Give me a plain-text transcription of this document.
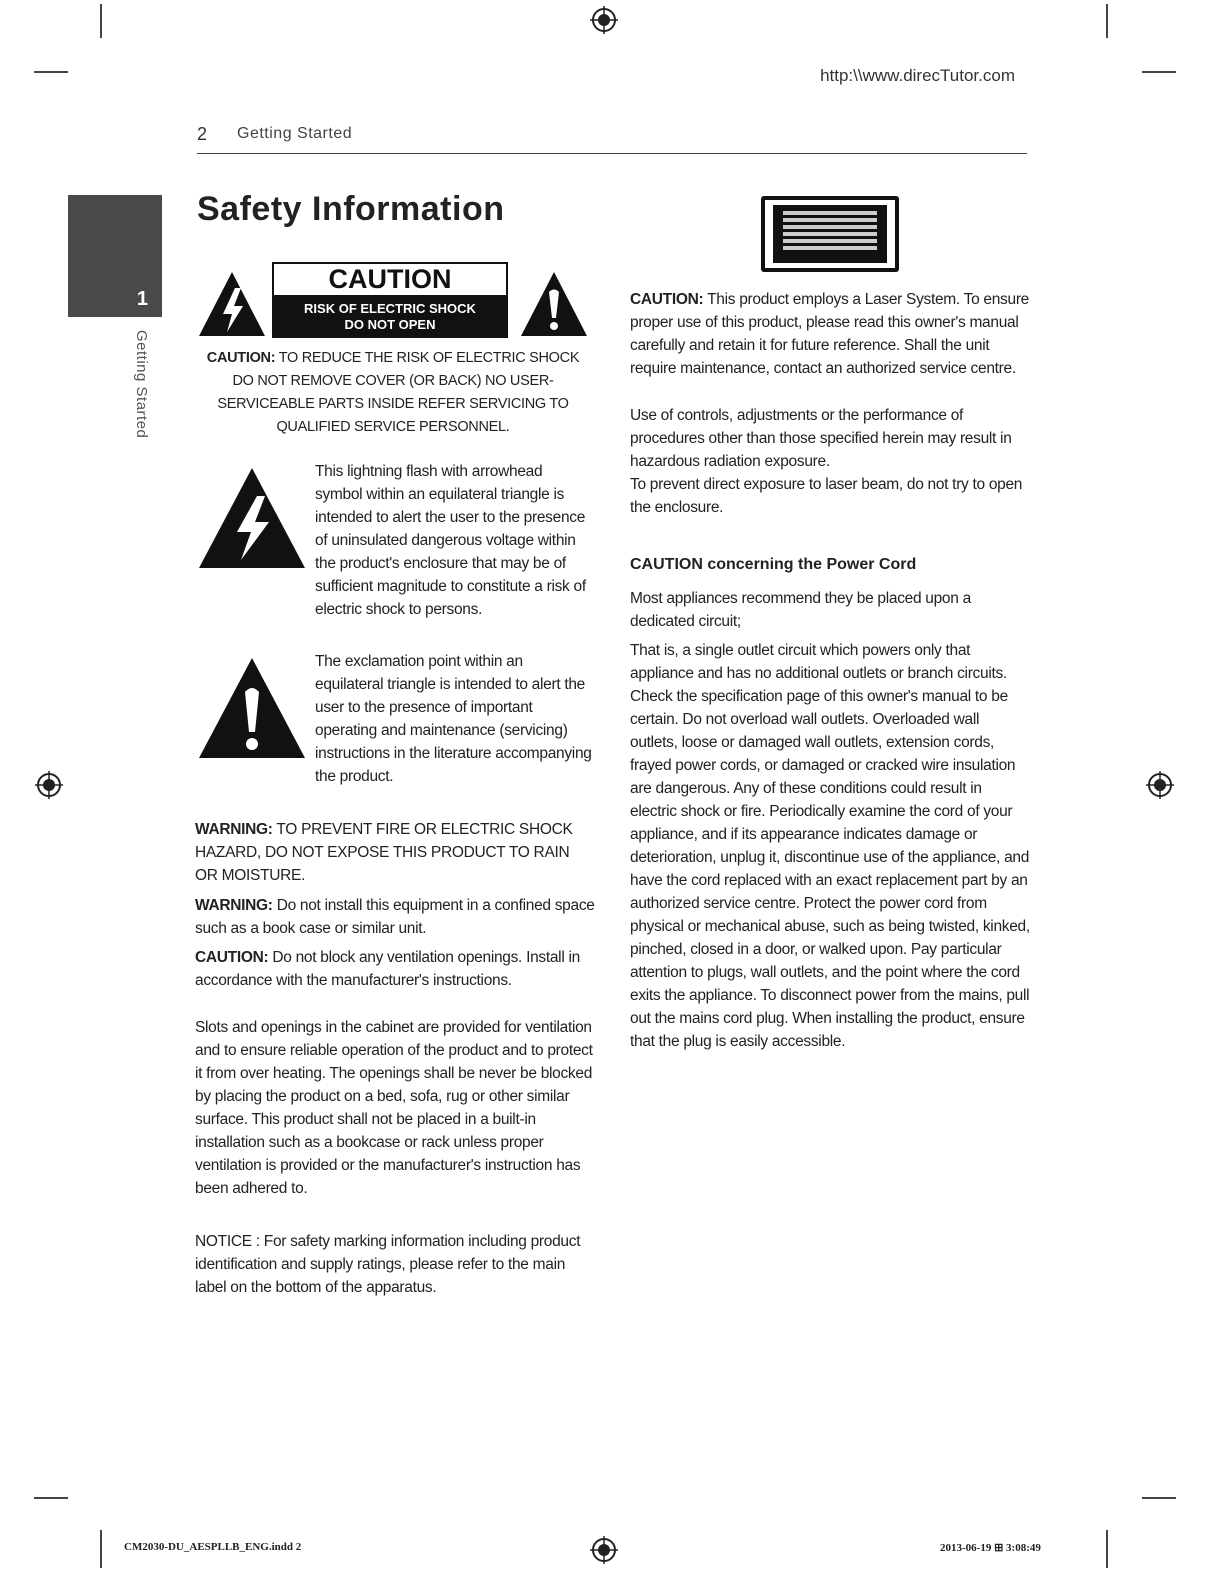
http:\\www.direcTutor.com
2 Getting Started
1
Getting Started
Safety Information
CAUTION
RISK OF ELECTRIC SHOCK
DO NOT OPEN

CAUTION: TO REDUCE THE RISK OF ELECTRIC SHOCK DO NOT REMOVE COVER (OR BACK) NO USER-SERVICEABLE PARTS INSIDE REFER SERVICING TO QUALIFIED SERVICE PERSONNEL.

This lightning flash with arrowhead symbol within an equilateral triangle is intended to alert the user to the presence of uninsulated dangerous voltage within the product's enclosure that may be of sufficient magnitude to constitute a risk of electric shock to persons.

The exclamation point within an equilateral triangle is intended to alert the user to the presence of important operating and maintenance (servicing) instructions in the literature accompanying the product.

WARNING: TO PREVENT FIRE OR ELECTRIC SHOCK HAZARD, DO NOT EXPOSE THIS PRODUCT TO RAIN OR MOISTURE.

WARNING: Do not install this equipment in a confined space such as a book case or similar unit.

CAUTION: Do not block any ventilation openings. Install in accordance with the manufacturer's instructions.

Slots and openings in the cabinet are provided for ventilation and to ensure reliable operation of the product and to protect it from over heating. The openings shall be never be blocked by placing the product on a bed, sofa, rug or other similar surface. This product shall not be placed in a built-in installation such as a bookcase or rack unless proper ventilation is provided or the manufacturer's instruction has been adhered to.

NOTICE : For safety marking information including product identification and supply ratings, please refer to the main label on the bottom of the apparatus.

CAUTION: This product employs a Laser System. To ensure proper use of this product, please read this owner's manual carefully and retain it for future reference. Shall the unit require maintenance, contact an authorized service centre.

Use of controls, adjustments or the performance of procedures other than those specified herein may result in hazardous radiation exposure.

To prevent direct exposure to laser beam, do not try to open the enclosure.

CAUTION concerning the Power Cord

Most appliances recommend they be placed upon a dedicated circuit;

That is, a single outlet circuit which powers only that appliance and has no additional outlets or branch circuits. Check the specification page of this owner's manual to be certain. Do not overload wall outlets. Overloaded wall outlets, loose or damaged wall outlets, extension cords, frayed power cords, or damaged or cracked wire insulation are dangerous. Any of these conditions could result in electric shock or fire. Periodically examine the cord of your appliance, and if its appearance indicates damage or deterioration, unplug it, discontinue use of the appliance, and have the cord replaced with an exact replacement part by an authorized service centre. Protect the power cord from physical or mechanical abuse, such as being twisted, kinked, pinched, closed in a door, or walked upon. Pay particular attention to plugs, wall outlets, and the point where the cord exits the appliance. To disconnect power from the mains, pull out the mains cord plug. When installing the product, ensure that the plug is easily accessible.

CM2030-DU_AESPLLB_ENG.indd 2	2013-06-19 ⊞ 3:08:49
